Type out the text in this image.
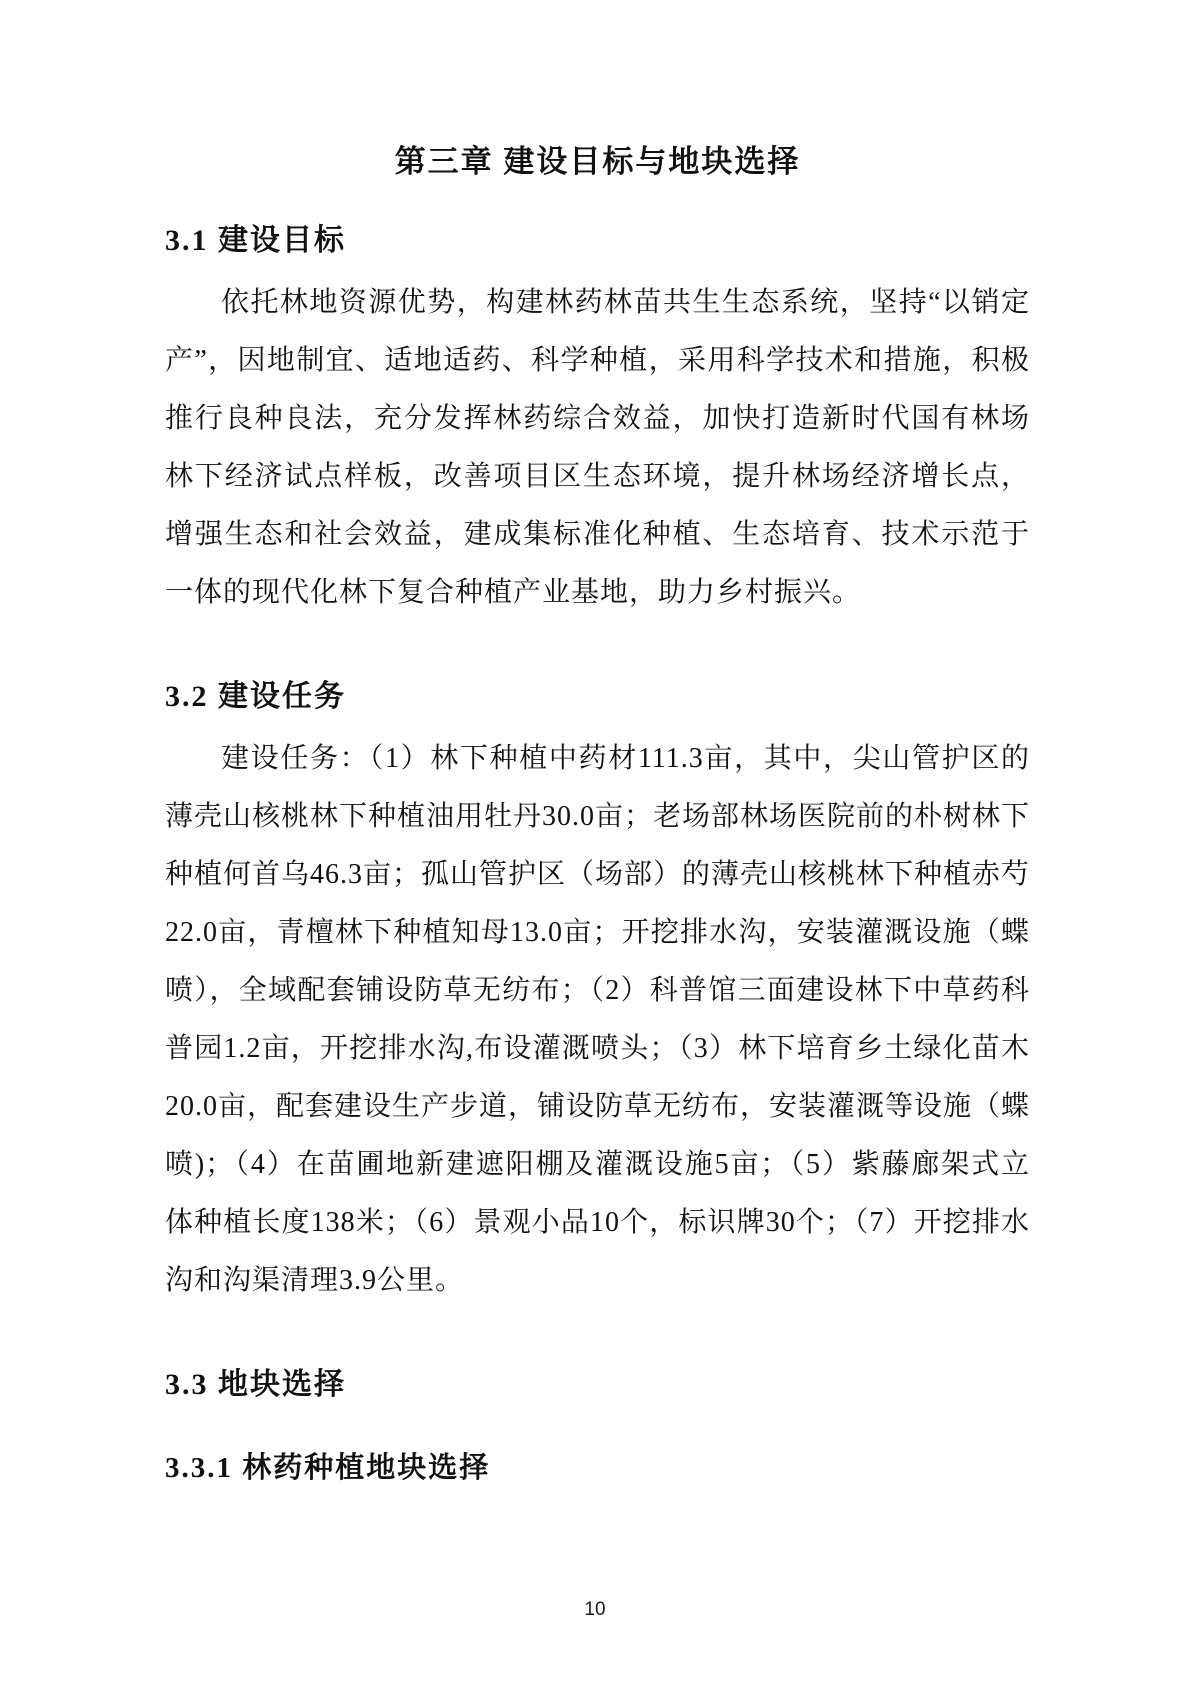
第三章 建设目标与地块选择
3.1 建设目标

依托林地资源优势，构建林药林苗共生生态系统，坚持“以销定产”，因地制宜、适地适药、科学种植，采用科学技术和措施，积极推行良种良法，充分发挥林药综合效益，加快打造新时代国有林场林下经济试点样板，改善项目区生态环境，提升林场经济增长点，增强生态和社会效益，建成集标准化种植、生态培育、技术示范于一体的现代化林下复合种植产业基地，助力乡村振兴。

3.2 建设任务

建设任务：（1）林下种植中药材111.3亩，其中，尖山管护区的薄壳山核桃林下种植油用牡丹30.0亩；老场部林场医院前的朴树林下种植何首乌46.3亩；孤山管护区（场部）的薄壳山核桃林下种植赤芍22.0亩，青檀林下种植知母13.0亩；开挖排水沟，安装灌溉设施（蝶喷），全域配套铺设防草无纺布；（2）科普馆三面建设林下中草药科普园1.2亩，开挖排水沟,布设灌溉喷头；（3）林下培育乡土绿化苗木20.0亩，配套建设生产步道，铺设防草无纺布，安装灌溉等设施（蝶喷)；（4）在苗圃地新建遮阳棚及灌溉设施5亩；（5）紫藤廊架式立体种植长度138米；（6）景观小品10个，标识牌30个；（7）开挖排水沟和沟渠清理3.9公里。

3.3 地块选择
3.3.1 林药种植地块选择
10
